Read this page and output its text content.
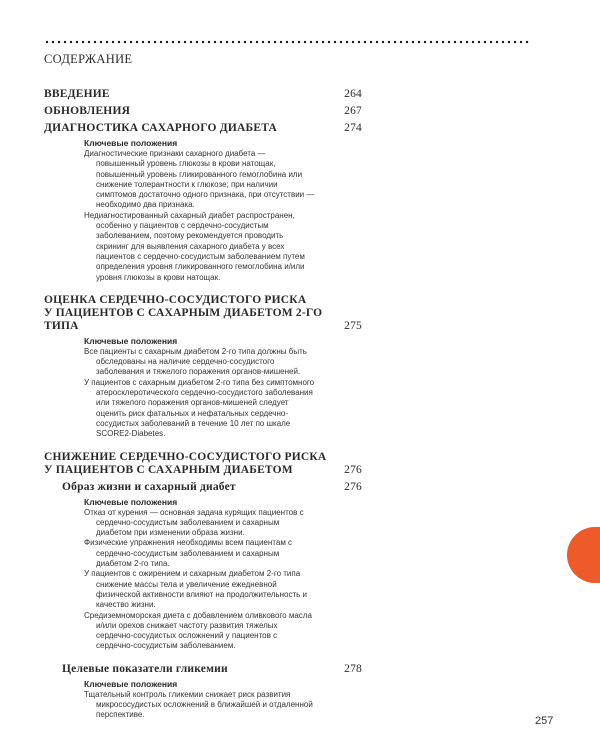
СОДЕРЖАНИЕ
ВВЕДЕНИЕ	264
ОБНОВЛЕНИЯ	267
ДИАГНОСТИКА САХАРНОГО ДИАБЕТА	274
Ключевые положения
Диагностические признаки сахарного диабета — повышенный уровень глюкозы в крови натощак, повышенный уровень гликированного гемоглобина или снижение толерантности к глюкозе; при наличии симптомов достаточно одного признака, при отсутствии — необходимо два признака.
Недиагностированный сахарный диабет распространен, особенно у пациентов с сердечно-сосудистым заболеванием, поэтому рекомендуется проводить скрининг для выявления сахарного диабета у всех пациентов с сердечно-сосудистым заболеванием путем определения уровня гликированного гемоглобина и/или уровня глюкозы в крови натощак.
ОЦЕНКА СЕРДЕЧНО-СОСУДИСТОГО РИСКА
У ПАЦИЕНТОВ С САХАРНЫМ ДИАБЕТОМ 2-ГО ТИПА	275
Ключевые положения
Все пациенты с сахарным диабетом 2-го типа должны быть обследованы на наличие сердечно-сосудистого заболевания и тяжелого поражения органов-мишеней.
У пациентов с сахарным диабетом 2-го типа без симптомного атеросклеротического сердечно-сосудистого заболевания или тяжелого поражения органов-мишеней следует оценить риск фатальных и нефатальных сердечно-сосудистых заболеваний в течение 10 лет по шкале SCORE2-Diabetes.
СНИЖЕНИЕ СЕРДЕЧНО-СОСУДИСТОГО РИСКА
У ПАЦИЕНТОВ С САХАРНЫМ ДИАБЕТОМ	276
Образ жизни и сахарный диабет	276
Ключевые положения
Отказ от курения — основная задача курящих пациентов с сердечно-сосудистым заболеванием и сахарным диабетом при изменении образа жизни.
Физические упражнения необходимы всем пациентам с сердечно-сосудистым заболеванием и сахарным диабетом 2-го типа.
У пациентов с ожирением и сахарным диабетом 2-го типа снижение массы тела и увеличение ежедневной физической активности влияют на продолжительность и качество жизни.
Средиземноморская диета с добавлением оливкового масла и/или орехов снижает частоту развития тяжелых сердечно-сосудистых осложнений у пациентов с сердечно-сосудистым заболеванием.
Целевые показатели гликемии	278
Ключевые положения
Тщательный контроль гликемии снижает риск развития микрососудистых осложнений в ближайшей и отдаленной перспективе.
257
